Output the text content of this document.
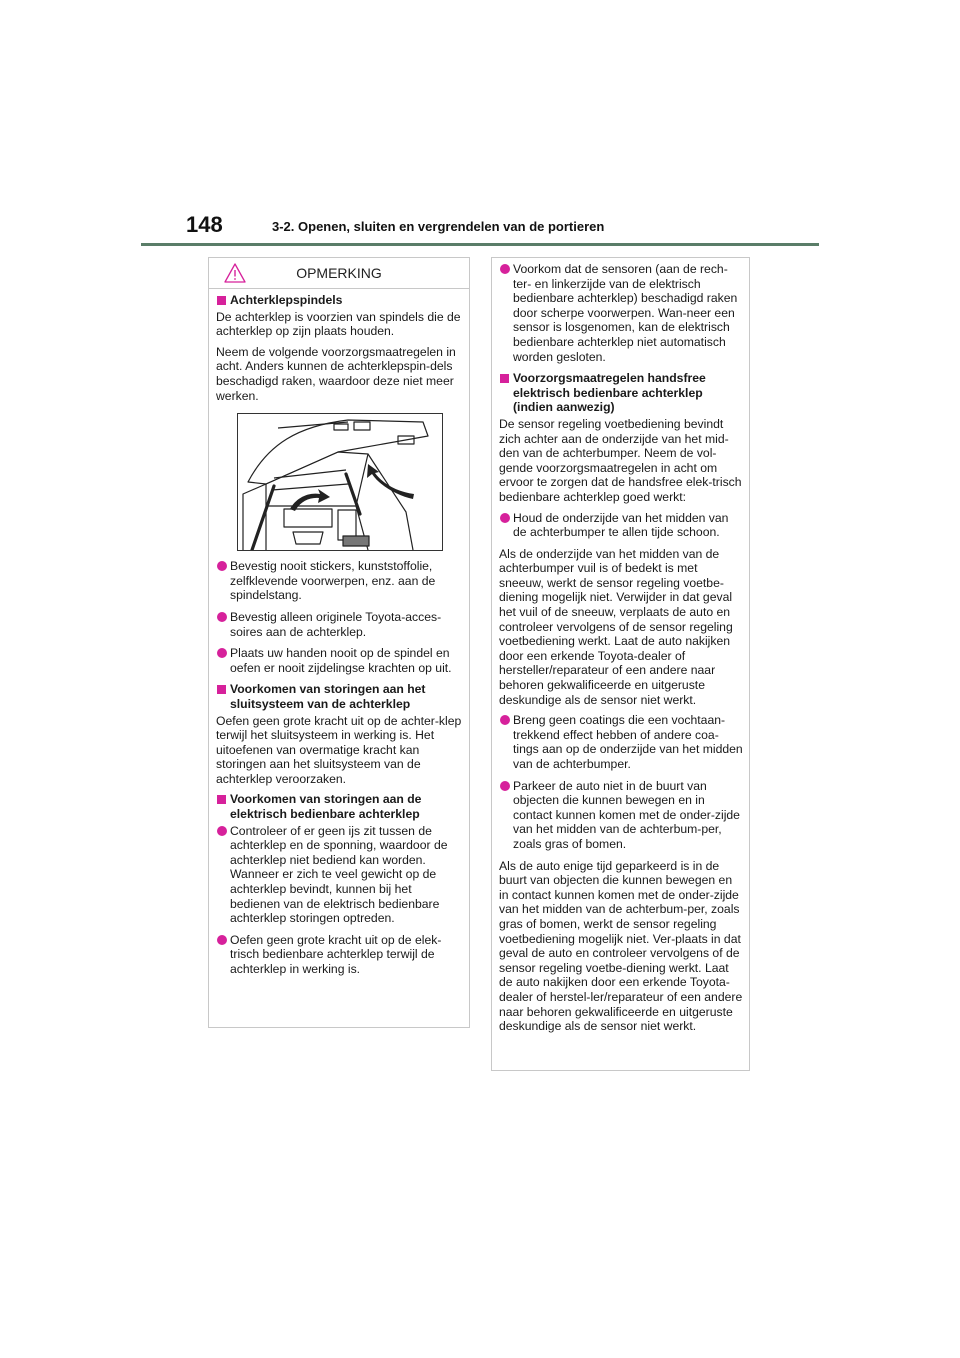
148	3-2. Openen, sluiten en vergrendelen van de portieren
OPMERKING

Achterklepspindels

De achterklep is voorzien van spindels die de achterklep op zijn plaats houden.

Neem de volgende voorzorgsmaatregelen in acht. Anders kunnen de achterklepspin-dels beschadigd raken, waardoor deze niet meer werken.

Bevestig nooit stickers, kunststoffolie, zelfklevende voorwerpen, enz. aan de spindelstang.

Bevestig alleen originele Toyota-acces-soires aan de achterklep.

Plaats uw handen nooit op de spindel en oefen er nooit zijdelingse krachten op uit.

Voorkomen van storingen aan het sluitsysteem van de achterklep

Oefen geen grote kracht uit op de achter-klep terwijl het sluitsysteem in werking is. Het uitoefenen van overmatige kracht kan storingen aan het sluitsysteem van de achterklep veroorzaken.

Voorkomen van storingen aan de elektrisch bedienbare achterklep

Controleer of er geen ijs zit tussen de achterklep en de sponning, waardoor de achterklep niet bediend kan worden. Wanneer er zich te veel gewicht op de achterklep bevindt, kunnen bij het bedienen van de elektrisch bedienbare achterklep storingen optreden.

Oefen geen grote kracht uit op de elek-trisch bedienbare achterklep terwijl de achterklep in werking is.

Voorkom dat de sensoren (aan de rech-ter- en linkerzijde van de elektrisch bedienbare achterklep) beschadigd raken door scherpe voorwerpen. Wan-neer een sensor is losgenomen, kan de elektrisch bedienbare achterklep niet automatisch worden gesloten.

Voorzorgsmaatregelen handsfree elektrisch bedienbare achterklep (indien aanwezig)

De sensor regeling voetbediening bevindt zich achter aan de onderzijde van het mid-den van de achterbumper. Neem de vol-gende voorzorgsmaatregelen in acht om ervoor te zorgen dat de handsfree elek-trisch bedienbare achterklep goed werkt:

Houd de onderzijde van het midden van de achterbumper te allen tijde schoon.

Als de onderzijde van het midden van de achterbumper vuil is of bedekt is met sneeuw, werkt de sensor regeling voetbe-diening mogelijk niet. Verwijder in dat geval het vuil of de sneeuw, verplaats de auto en controleer vervolgens of de sensor regeling voetbediening werkt. Laat de auto nakijken door een erkende Toyota-dealer of hersteller/reparateur of een andere naar behoren gekwalificeerde en uitgeruste deskundige als de sensor niet werkt.

Breng geen coatings die een vochtaan-trekkend effect hebben of andere coa-tings aan op de onderzijde van het midden van de achterbumper.

Parkeer de auto niet in de buurt van objecten die kunnen bewegen en in contact kunnen komen met de onder-zijde van het midden van de achterbum-per, zoals gras of bomen.

Als de auto enige tijd geparkeerd is in de buurt van objecten die kunnen bewegen en in contact kunnen komen met de onder-zijde van het midden van de achterbum-per, zoals gras of bomen, werkt de sensor regeling voetbediening mogelijk niet. Ver-plaats in dat geval de auto en controleer vervolgens of de sensor regeling voetbe-diening werkt. Laat de auto nakijken door een erkende Toyota-dealer of herstel-ler/reparateur of een andere naar behoren gekwalificeerde en uitgeruste deskundige als de sensor niet werkt.
